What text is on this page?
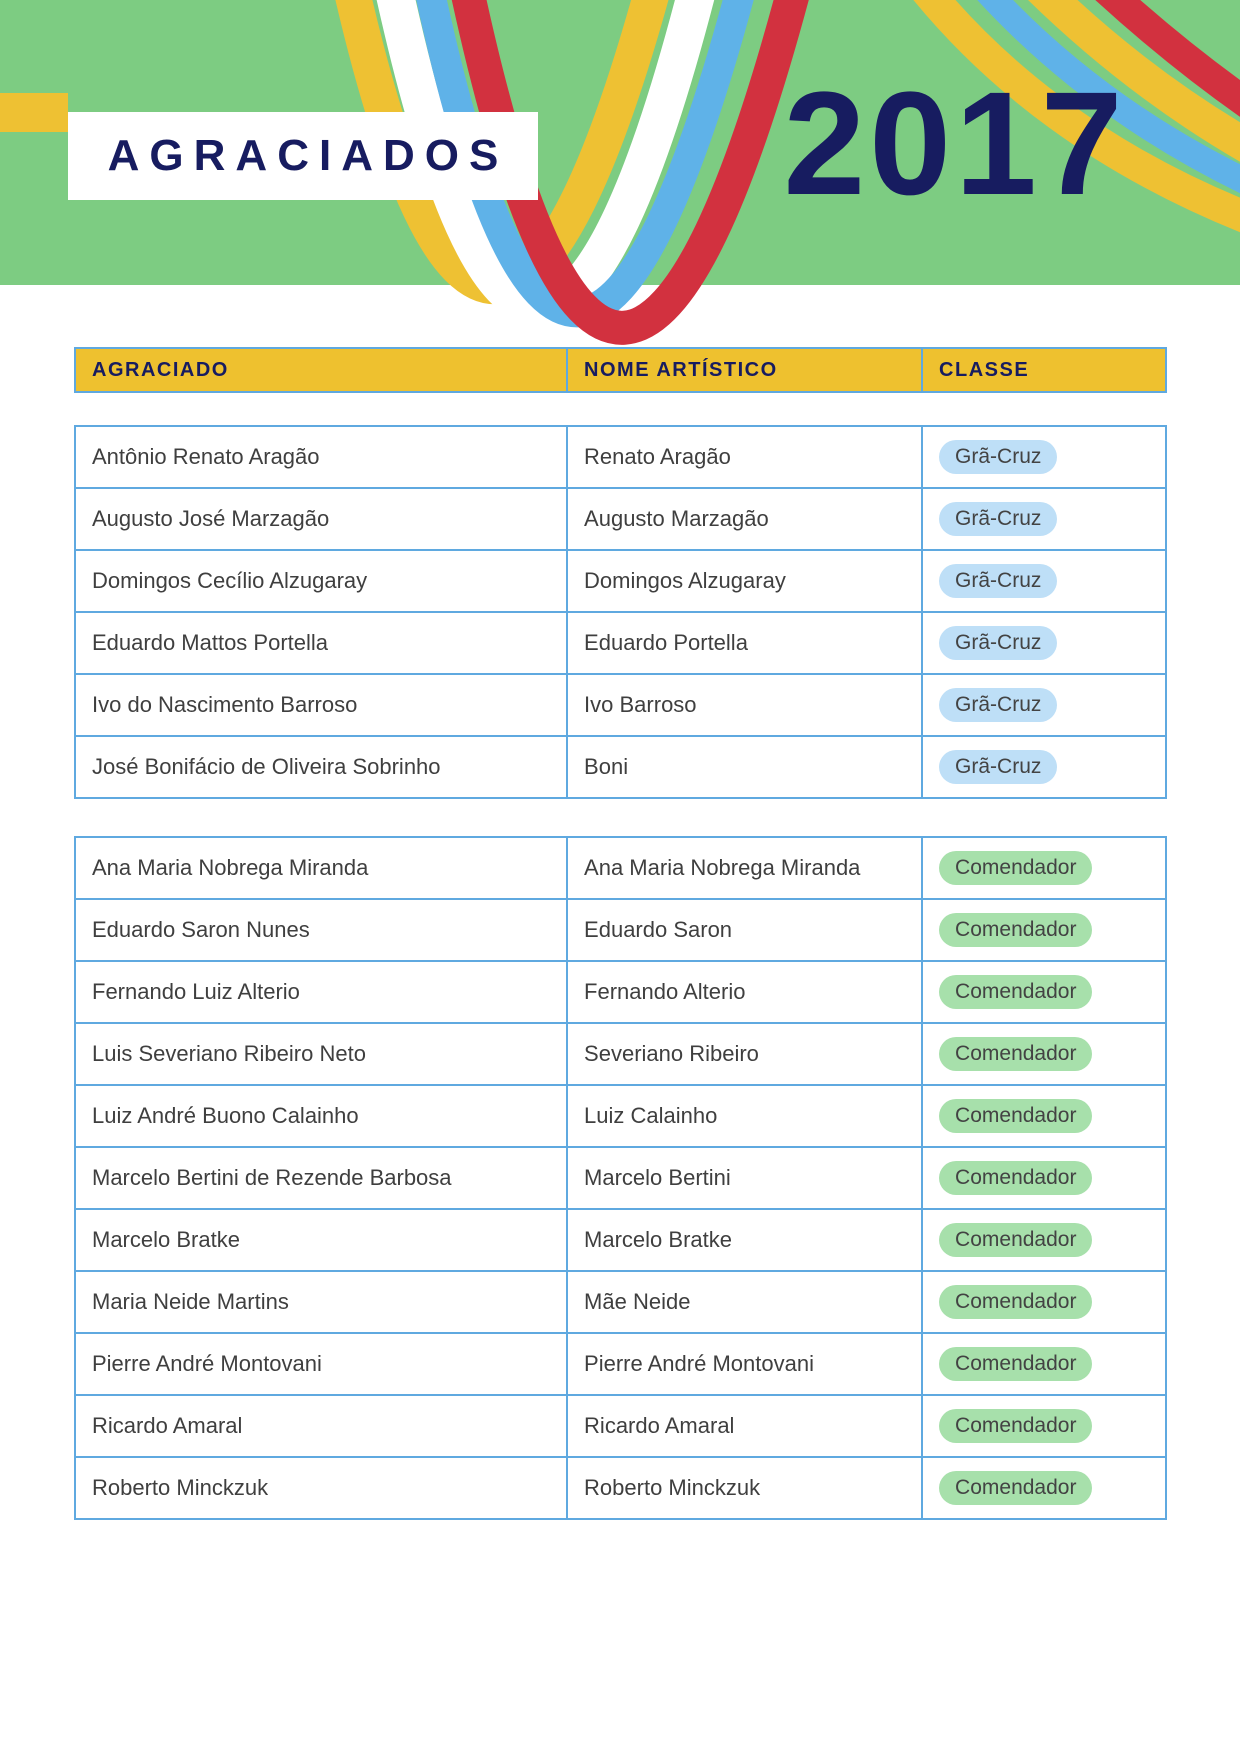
AGRACIADOS 2017
AGRACIADO	NOME ARTÍSTICO	CLASSE
Antônio Renato Aragão	Renato Aragão	Grã-Cruz
Augusto José Marzagão	Augusto Marzagão	Grã-Cruz
Domingos Cecílio Alzugaray	Domingos Alzugaray	Grã-Cruz
Eduardo Mattos Portella	Eduardo Portella	Grã-Cruz
Ivo do Nascimento Barroso	Ivo Barroso	Grã-Cruz
José Bonifácio de Oliveira Sobrinho	Boni	Grã-Cruz
Ana Maria Nobrega Miranda	Ana Maria Nobrega Miranda	Comendador
Eduardo Saron Nunes	Eduardo Saron	Comendador
Fernando Luiz Alterio	Fernando Alterio	Comendador
Luis Severiano Ribeiro Neto	Severiano Ribeiro	Comendador
Luiz André Buono Calainho	Luiz Calainho	Comendador
Marcelo Bertini de Rezende Barbosa	Marcelo Bertini	Comendador
Marcelo Bratke	Marcelo Bratke	Comendador
Maria Neide Martins	Mãe Neide	Comendador
Pierre André Montovani	Pierre André Montovani	Comendador
Ricardo Amaral	Ricardo Amaral	Comendador
Roberto Minckzuk	Roberto Minckzuk	Comendador
